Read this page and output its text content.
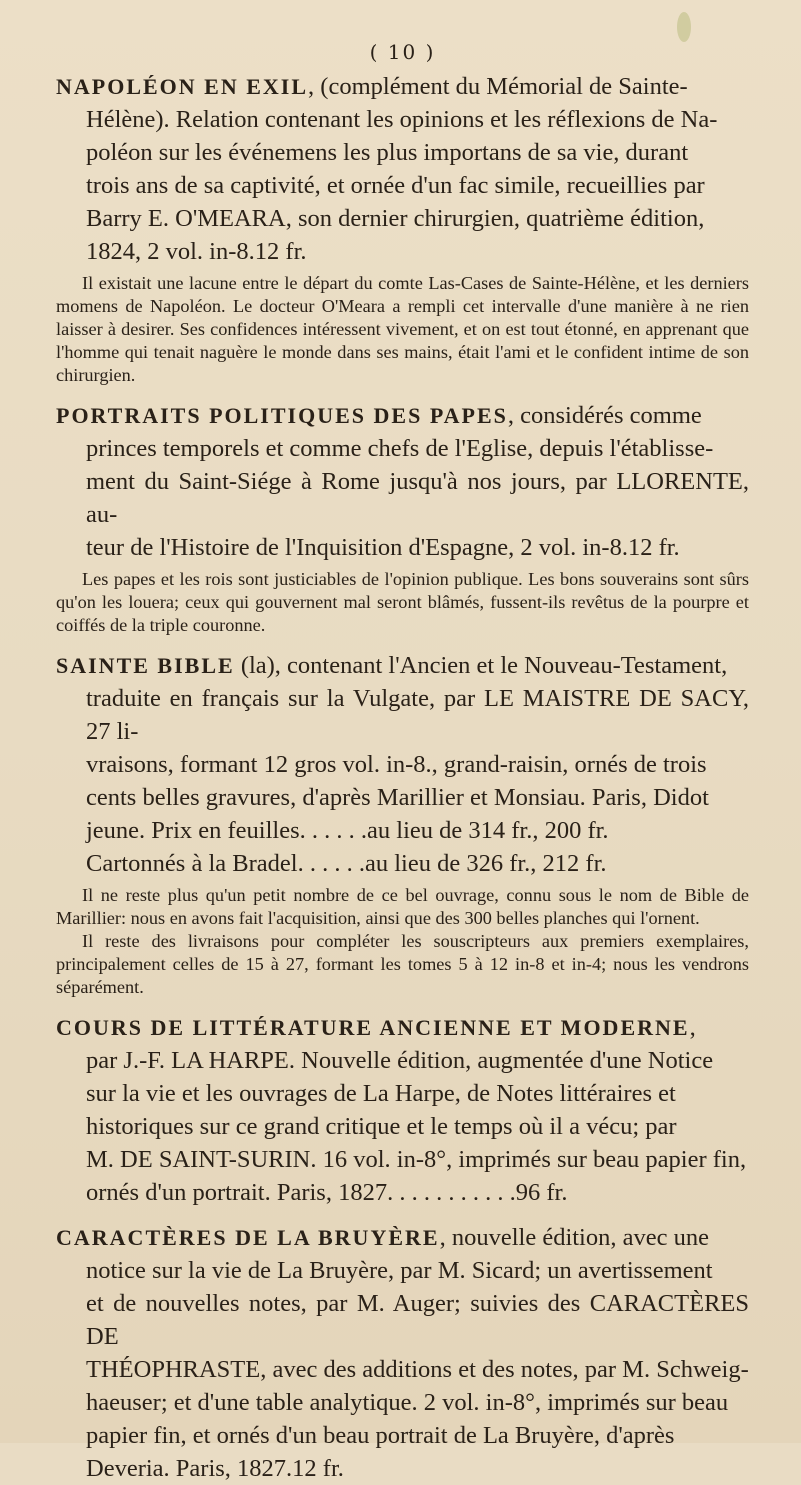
( 10 )

NAPOLÉON EN EXIL, (complément du Mémorial de Sainte-
Hélène). Relation contenant les opinions et les réflexions de Na-
poléon sur les événemens les plus importans de sa vie, durant
trois ans de sa captivité, et ornée d'un fac simile, recueillies par
Barry E. O'MEARA, son dernier chirurgien, quatrième édition,
1824, 2 vol. in-8.12 fr.

Il existait une lacune entre le départ du comte Las-Cases de Sainte-Hélène, et les derniers momens de Napoléon. Le docteur O'Meara a rempli cet intervalle d'une manière à ne rien laisser à desirer. Ses confidences intéressent vivement, et on est tout étonné, en apprenant que l'homme qui tenait naguère le monde dans ses mains, était l'ami et le confident intime de son chirurgien.

PORTRAITS POLITIQUES DES PAPES, considérés comme
princes temporels et comme chefs de l'Eglise, depuis l'établisse-
ment du Saint-Siége à Rome jusqu'à nos jours, par LLORENTE, au-
teur de l'Histoire de l'Inquisition d'Espagne, 2 vol. in-8.12 fr.

Les papes et les rois sont justiciables de l'opinion publique. Les bons souverains sont sûrs qu'on les louera; ceux qui gouvernent mal seront blâmés, fussent-ils revêtus de la pourpre et coiffés de la triple couronne.

SAINTE BIBLE (la), contenant l'Ancien et le Nouveau-Testament,
traduite en français sur la Vulgate, par LE MAISTRE DE SACY, 27 li-
vraisons, formant 12 gros vol. in-8., grand-raisin, ornés de trois
cents belles gravures, d'après Marillier et Monsiau. Paris, Didot
jeune. Prix en feuilles. . . . . .au lieu de 314 fr., 200 fr.
Cartonnés à la Bradel. . . . . .au lieu de 326 fr., 212 fr.

Il ne reste plus qu'un petit nombre de ce bel ouvrage, connu sous le nom de Bible de Marillier: nous en avons fait l'acquisition, ainsi que des 300 belles planches qui l'ornent.

Il reste des livraisons pour compléter les souscripteurs aux premiers exemplaires, principalement celles de 15 à 27, formant les tomes 5 à 12 in-8 et in-4; nous les vendrons séparément.

COURS DE LITTÉRATURE ANCIENNE ET MODERNE,
par J.-F. LA HARPE. Nouvelle édition, augmentée d'une Notice
sur la vie et les ouvrages de La Harpe, de Notes littéraires et
historiques sur ce grand critique et le temps où il a vécu; par
M. DE SAINT-SURIN. 16 vol. in-8°, imprimés sur beau papier fin,
ornés d'un portrait. Paris, 1827. . . . . . . . . . .96 fr.

CARACTÈRES DE LA BRUYÈRE, nouvelle édition, avec une
notice sur la vie de La Bruyère, par M. Sicard; un avertissement
et de nouvelles notes, par M. Auger; suivies des CARACTÈRES DE
THÉOPHRASTE, avec des additions et des notes, par M. Schweig-
haeuser; et d'une table analytique. 2 vol. in-8°, imprimés sur beau
papier fin, et ornés d'un beau portrait de La Bruyère, d'après
Deveria. Paris, 1827.12 fr.
